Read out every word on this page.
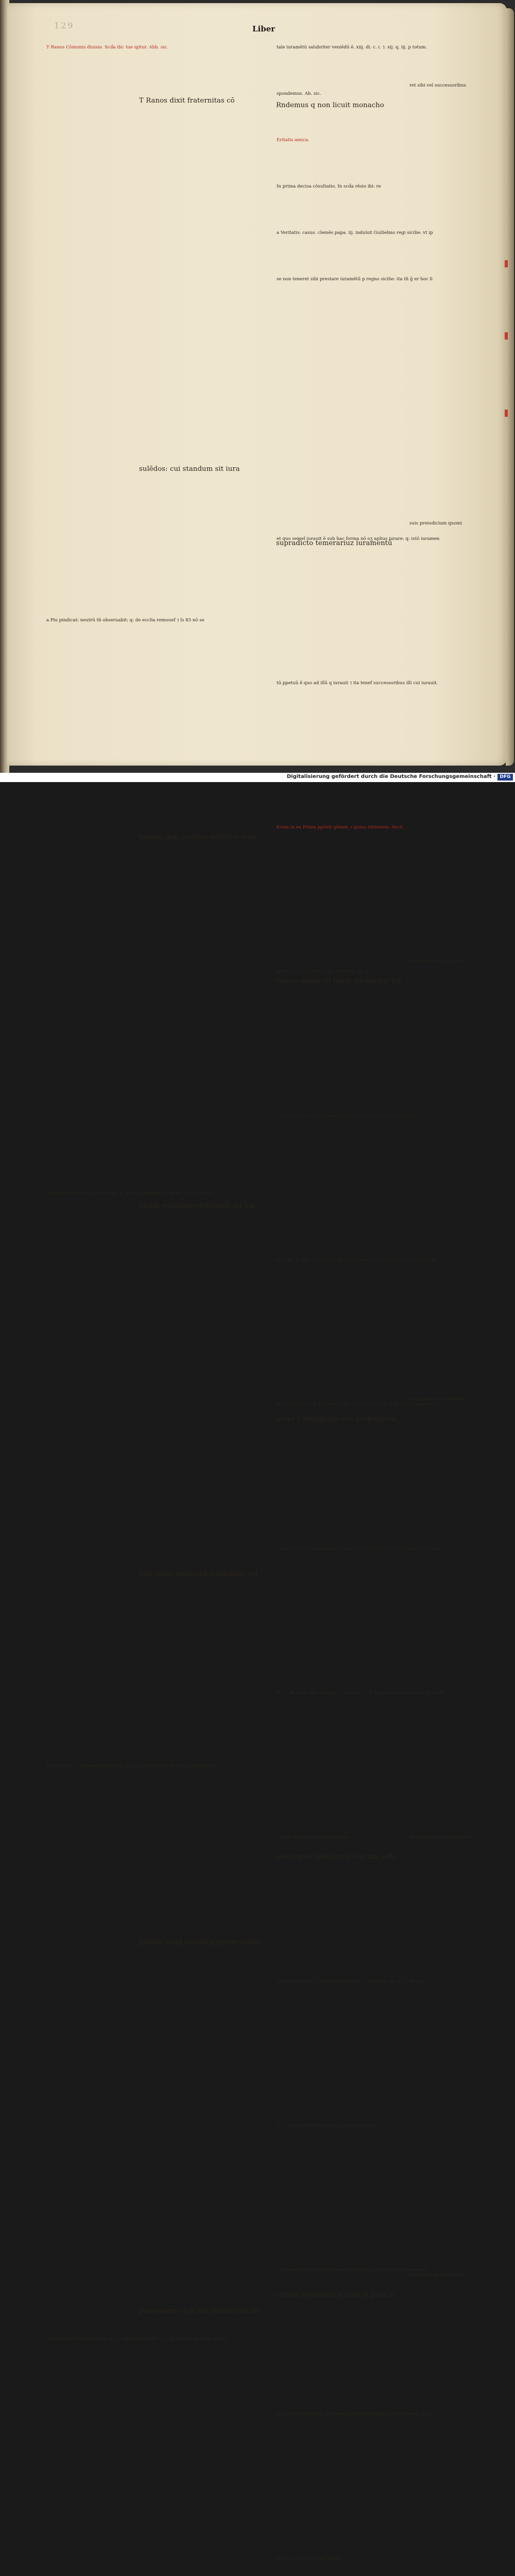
129	Liber
T Ranos Cōmunis diuisio. Scḋa ibi: tue igitur. Abb. sic.
a Piu pindicat: neutrū tn̄ obseruabit: q: de ecclia remouef ⁊ ls 83 nō se
cisset pm̄ stuari nō oʒ 3ruui uri. Ij. de ccli. phibem ⁊.c. grani. ⁊.c. cl clerici.
b Pro piurio. i. temerario iuramēto. nō. n. habunt iusticiā secū ⁊ alia ḡ debet
in iuramēto iteruenire. xxij. q. iij. aīaduertendum. ⁊.q. iiij. in mal. sicut. n. in iura
T Ranos dixit fraternitas cō
sulēdos: cui standum sit iura
mento: quū clericos religiosi iuris
iurādi religione cōstringūt ad ma
iorē solito pensionē soluēdam: vel
pstādū aliqd beneficij preter solitā
pensionem: quū aut instituūtur ab
tale iuramētū salubriter veniēdū ē. xiij. di. c. i. ⁊. xij. q. iij. p totum.
spondemus. Ab. sic.
Eritatis amica.
In prima decisa cōsultatio. In scḋa rēsio ibi: re
a Veritatis: casus. clemēs papa. iij. indulsit Guilielmo regi sicilie: vt ip
se non teneret sibi prestare iuramētū p regno sicilie: ita tñ ḡ er hoc li
Rndemus q non licuit monacho
supradicto temerariuz iuramentū
facere marie cū fidez, pfessionis frā
geret ⁊ stabilitatis sue propositum
euacuaret. Jdōq circa euz tua solli
citudo prouideat: q talis ei pnia in
ret sibi vel successoribus
suis preiudicium quomi
nus heredes sui sibi ⁊ suc
cessoribus suis fidelitatē
facere tenerent: super ista
indulgētia questio mota
et quo semel iurauit ē sub hac forma nō oʒ aplius iurare: q: istō iuramen
tū ppetuū ē quo ad illū q iurauit ⁊ ita tenef successoribus illi cui iurauit.
Erum in ea Prima ppōnit qōnem ⁊ ipsius rñsionem. Secū
da rñsionis illationem ibi. ceterum. Ab. si.
o Absoluanī. i. absolutione indigeant an ipso iure sint absoluti.
p Jnuiti. p talē. s. metū qui possit cadere in cōstante virū. s. qḋ me. cau.
ad audienciā. ⁊. ff. qḋ metus cau. metus aūt. alias si sponte iurassent vt p
vanū metū non absoluerenī a iuramēto imo illud necesse haberent serua
re. s. de resti. spo. accepta. ⁊ sollicite. ⁊. ff. qḋ me. cau. metus aūt q contra
vanum metū non auditur aliquis.
q Antecessores. i. zacharias Gregorius ⁊ Urbanus. xv. q. vi. alius ⁊
in. c. nos sanctorū iuratos. ⁊ Aler. s. eo. si vo.
r Absoluerunt. Quidā exposuerūt de facto: q: ipō iure non tenebanī
si iusto metu iurarūt. Nos vero, pprie intelligimus vt dictum est. s. eo.
si vo. ⁊. s. qḋ me. cau. abbas.
Digitalisierung gefördert durch die Deutsche Forschungsgemeinschaft · DFG
